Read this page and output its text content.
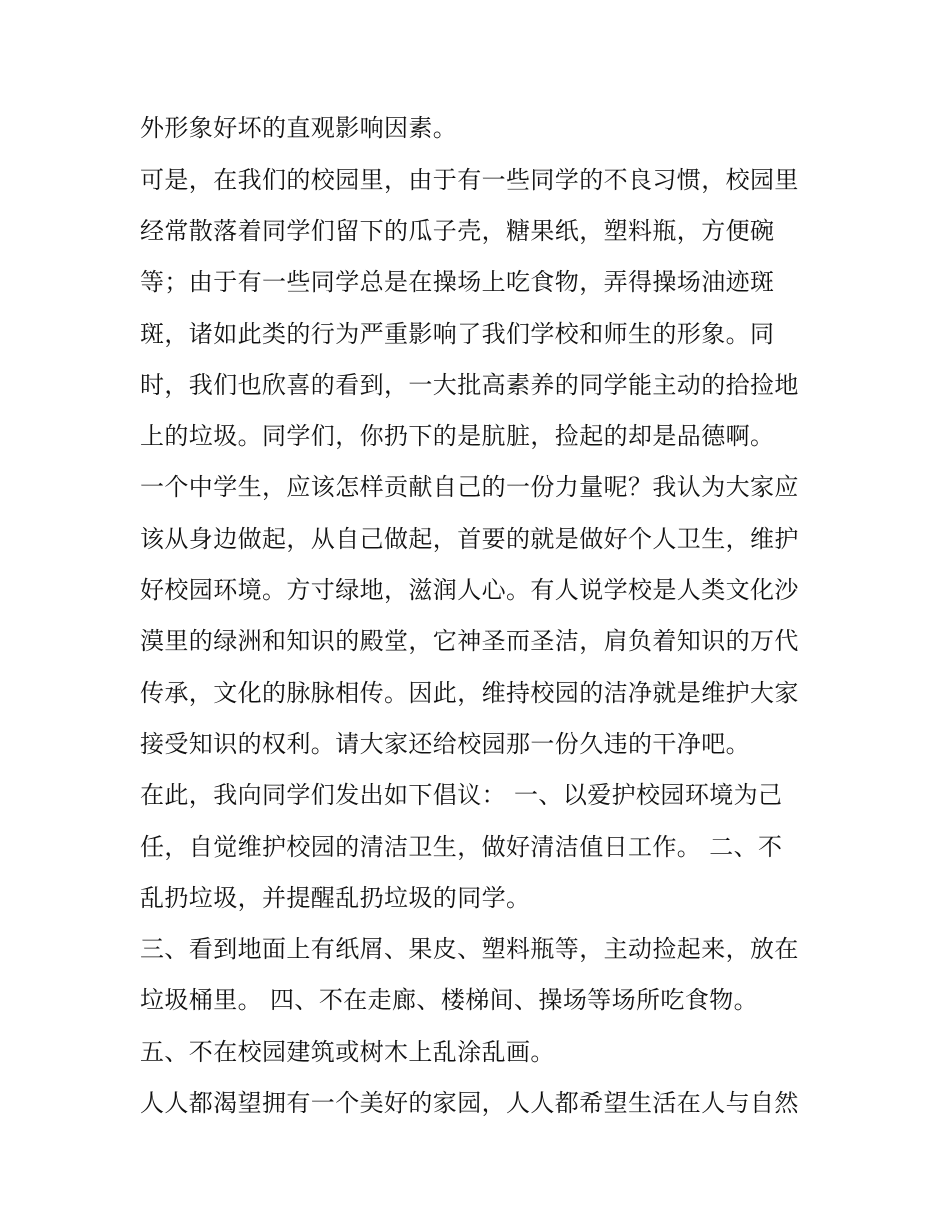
外形象好坏的直观影响因素。
可是，在我们的校园里，由于有一些同学的不良习惯，校园里
经常散落着同学们留下的瓜子壳，糖果纸，塑料瓶，方便碗
等；由于有一些同学总是在操场上吃食物，弄得操场油迹斑
斑，诸如此类的行为严重影响了我们学校和师生的形象。同
时，我们也欣喜的看到，一大批高素养的同学能主动的拾捡地
上的垃圾。同学们，你扔下的是肮脏，捡起的却是品德啊。
一个中学生，应该怎样贡献自己的一份力量呢？我认为大家应
该从身边做起，从自己做起，首要的就是做好个人卫生，维护
好校园环境。方寸绿地，滋润人心。有人说学校是人类文化沙
漠里的绿洲和知识的殿堂，它神圣而圣洁，肩负着知识的万代
传承，文化的脉脉相传。因此，维持校园的洁净就是维护大家
接受知识的权利。请大家还给校园那一份久违的干净吧。
在此，我向同学们发出如下倡议： 一、以爱护校园环境为己
任，自觉维护校园的清洁卫生，做好清洁值日工作。 二、不
乱扔垃圾，并提醒乱扔垃圾的同学。
三、看到地面上有纸屑、果皮、塑料瓶等，主动捡起来，放在
垃圾桶里。 四、不在走廊、楼梯间、操场等场所吃食物。
五、不在校园建筑或树木上乱涂乱画。
人人都渴望拥有一个美好的家园，人人都希望生活在人与自然
